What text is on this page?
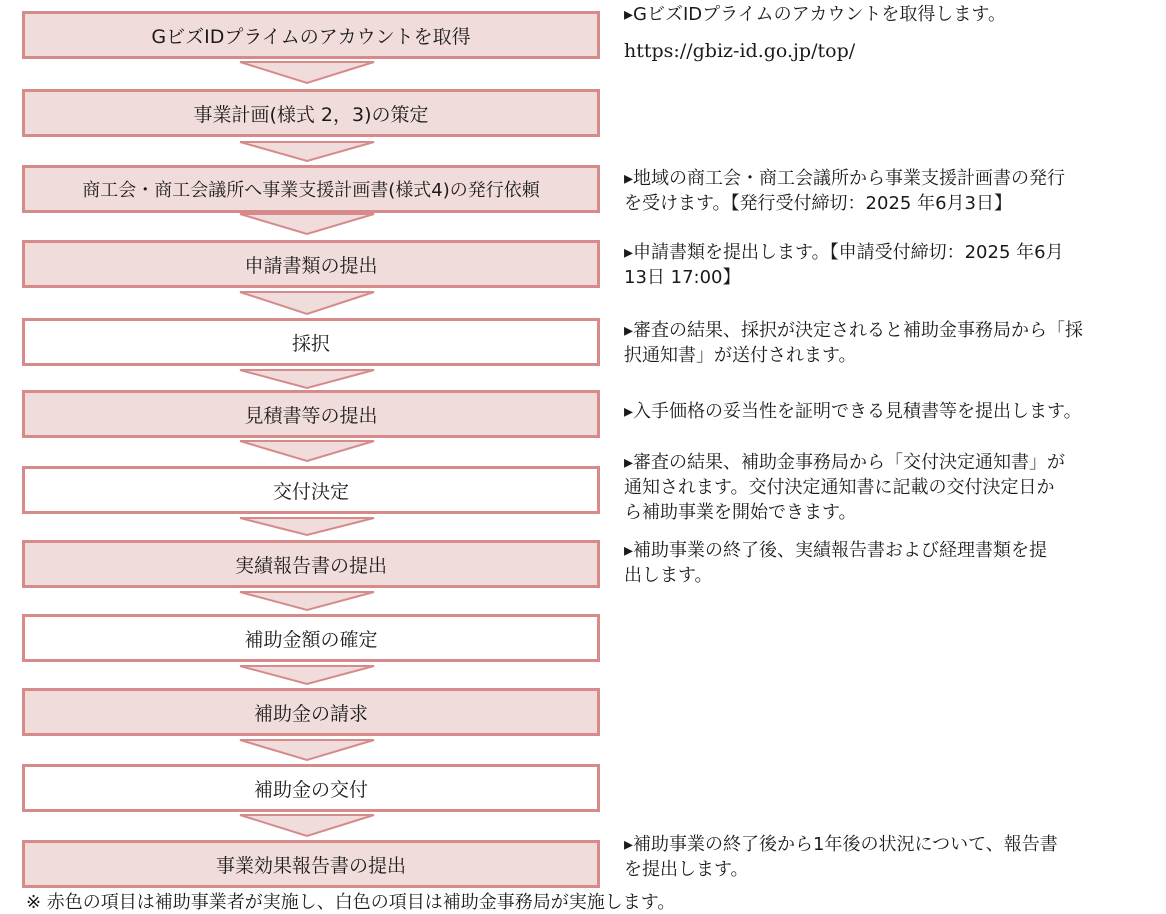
GビズIDプライムのアカウントを取得
事業計画(様式 2，3)の策定
商工会・商工会議所へ事業支援計画書(様式4)の発行依頼
申請書類の提出
採択
見積書等の提出
交付決定
実績報告書の提出
補助金額の確定
補助金の請求
補助金の交付
事業効果報告書の提出
▸GビズIDプライムのアカウントを取得します。
https://gbiz-id.go.jp/top/
▸地域の商工会・商工会議所から事業支援計画書の発行
を受けます。【発行受付締切：2025 年6月3日】
▸申請書類を提出します。【申請受付締切：2025 年6月
13日 17:00】
▸審査の結果、採択が決定されると補助金事務局から「採
択通知書」が送付されます。
▸入手価格の妥当性を証明できる見積書等を提出します。
▸審査の結果、補助金事務局から「交付決定通知書」が
通知されます。交付決定通知書に記載の交付決定日か
ら補助事業を開始できます。
▸補助事業の終了後、実績報告書および経理書類を提
出します。
▸補助事業の終了後から1年後の状況について、報告書
を提出します。
※ 赤色の項目は補助事業者が実施し、白色の項目は補助金事務局が実施します。
